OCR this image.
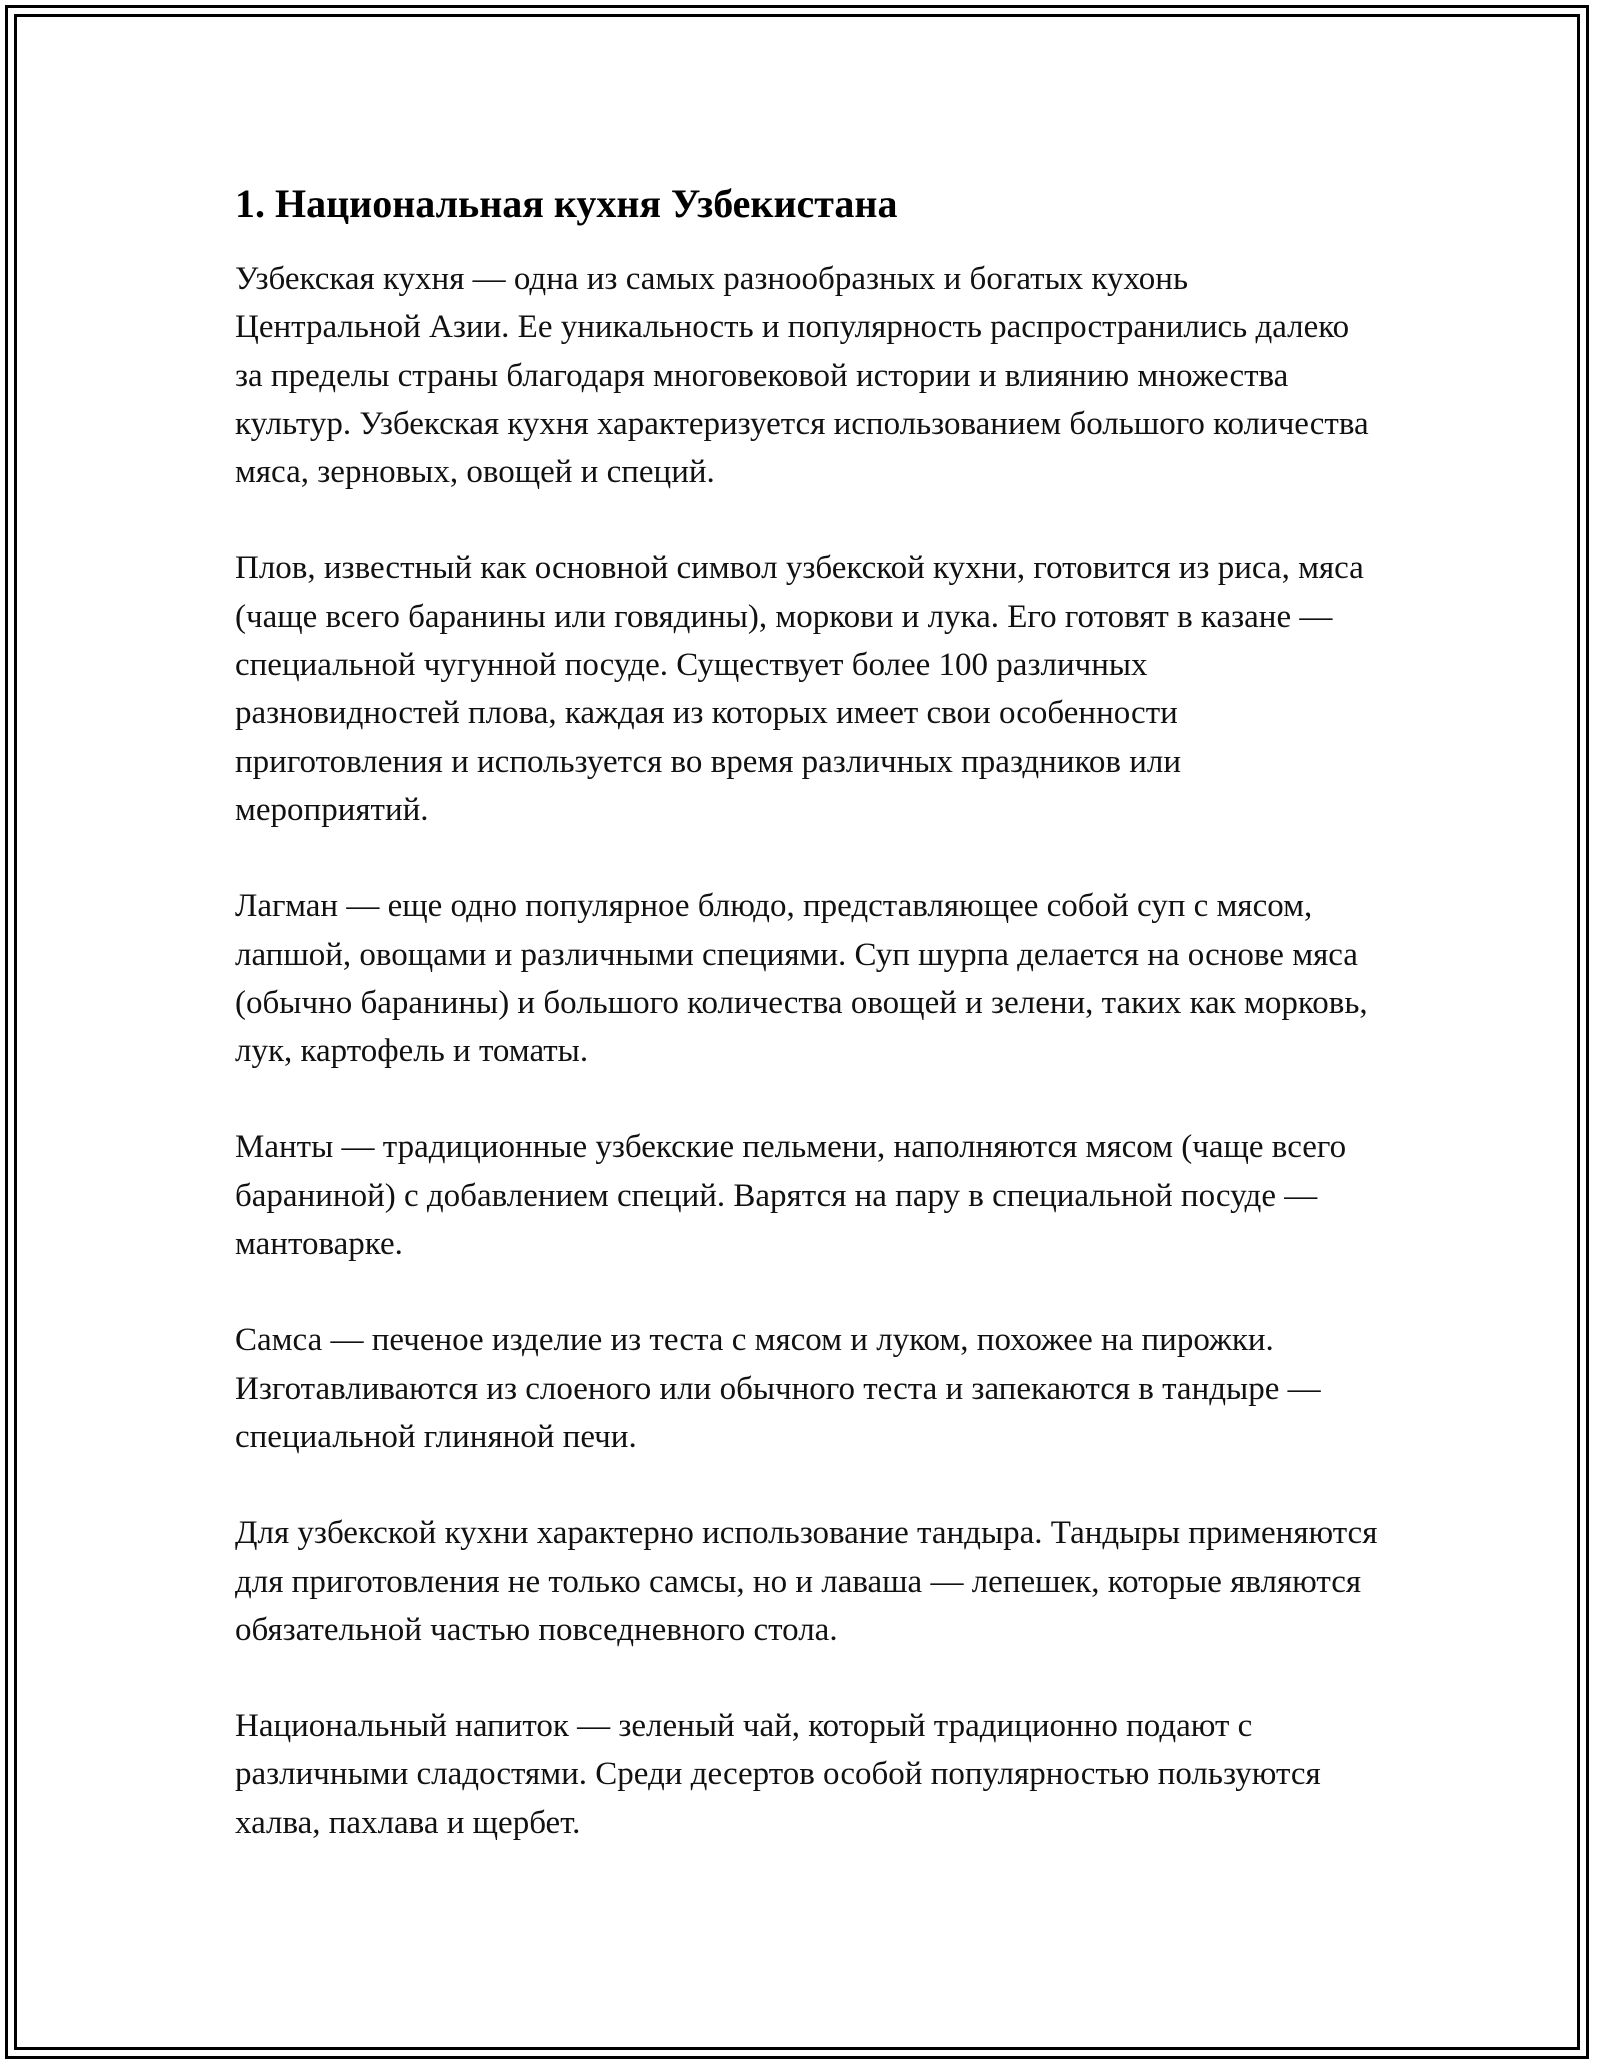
1. Национальная кухня Узбекистана

Узбекская кухня — одна из самых разнообразных и богатых кухонь Центральной Азии. Ее уникальность и популярность распространились далеко за пределы страны благодаря многовековой истории и влиянию множества культур. Узбекская кухня характеризуется использованием большого количества мяса, зерновых, овощей и специй.

Плов, известный как основной символ узбекской кухни, готовится из риса, мяса (чаще всего баранины или говядины), моркови и лука. Его готовят в казане — специальной чугунной посуде. Существует более 100 различных разновидностей плова, каждая из которых имеет свои особенности приготовления и используется во время различных праздников или мероприятий.

Лагман — еще одно популярное блюдо, представляющее собой суп с мясом, лапшой, овощами и различными специями. Суп шурпа делается на основе мяса (обычно баранины) и большого количества овощей и зелени, таких как морковь, лук, картофель и томаты.

Манты — традиционные узбекские пельмени, наполняются мясом (чаще всего бараниной) с добавлением специй. Варятся на пару в специальной посуде — мантоварке.

Самса — печеное изделие из теста с мясом и луком, похожее на пирожки. Изготавливаются из слоеного или обычного теста и запекаются в тандыре — специальной глиняной печи.

Для узбекской кухни характерно использование тандыра. Тандыры применяются для приготовления не только самсы, но и лаваша — лепешек, которые являются обязательной частью повседневного стола.

Национальный напиток — зеленый чай, который традиционно подают с различными сладостями. Среди десертов особой популярностью пользуются халва, пахлава и щербет.
